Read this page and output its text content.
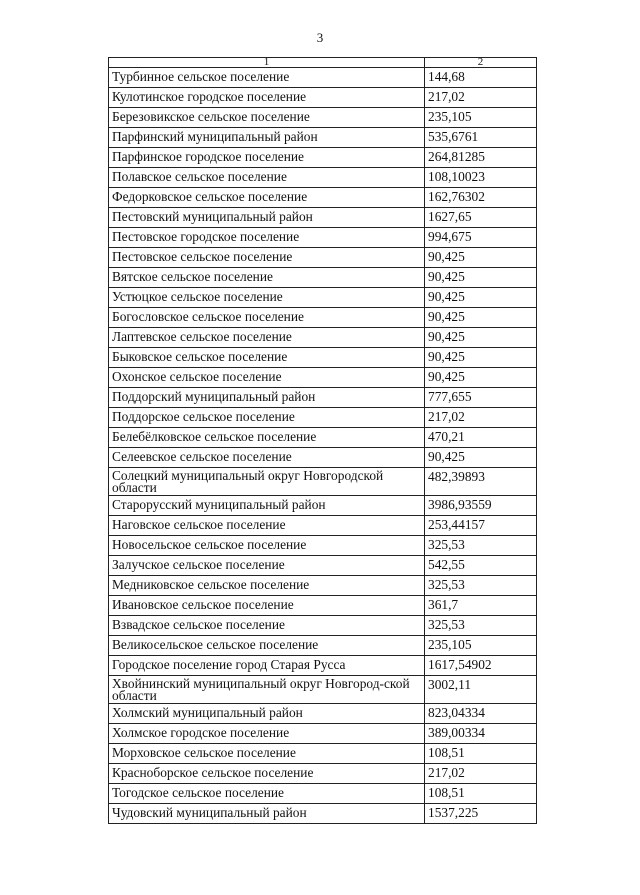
3
1	2
Турбинное сельское поселение	144,68
Кулотинское городское поселение	217,02
Березовикское сельское поселение	235,105
Парфинский муниципальный район	535,6761
Парфинское городское поселение	264,81285
Полавское сельское поселение	108,10023
Федорковское сельское поселение	162,76302
Пестовский муниципальный район	1627,65
Пестовское городское поселение	994,675
Пестовское сельское поселение	90,425
Вятское сельское поселение	90,425
Устюцкое сельское поселение	90,425
Богословское сельское поселение	90,425
Лаптевское сельское поселение	90,425
Быковское сельское поселение	90,425
Охонское сельское поселение	90,425
Поддорский муниципальный район	777,655
Поддорское сельское поселение	217,02
Белебёлковское сельское поселение	470,21
Селеевское сельское поселение	90,425
Солецкий муниципальный округ Новгородской области	482,39893
Старорусский муниципальный район	3986,93559
Наговское сельское поселение	253,44157
Новосельское сельское поселение	325,53
Залучское сельское поселение	542,55
Медниковское сельское поселение	325,53
Ивановское сельское поселение	361,7
Взвадское сельское поселение	325,53
Великосельское сельское поселение	235,105
Городское поселение город Старая Русса	1617,54902
Хвойнинский муниципальный округ Новгород-ской области	3002,11
Холмский муниципальный район	823,04334
Холмское городское поселение	389,00334
Морховское сельское поселение	108,51
Красноборское сельское поселение	217,02
Тогодское сельское поселение	108,51
Чудовский муниципальный район	1537,225
